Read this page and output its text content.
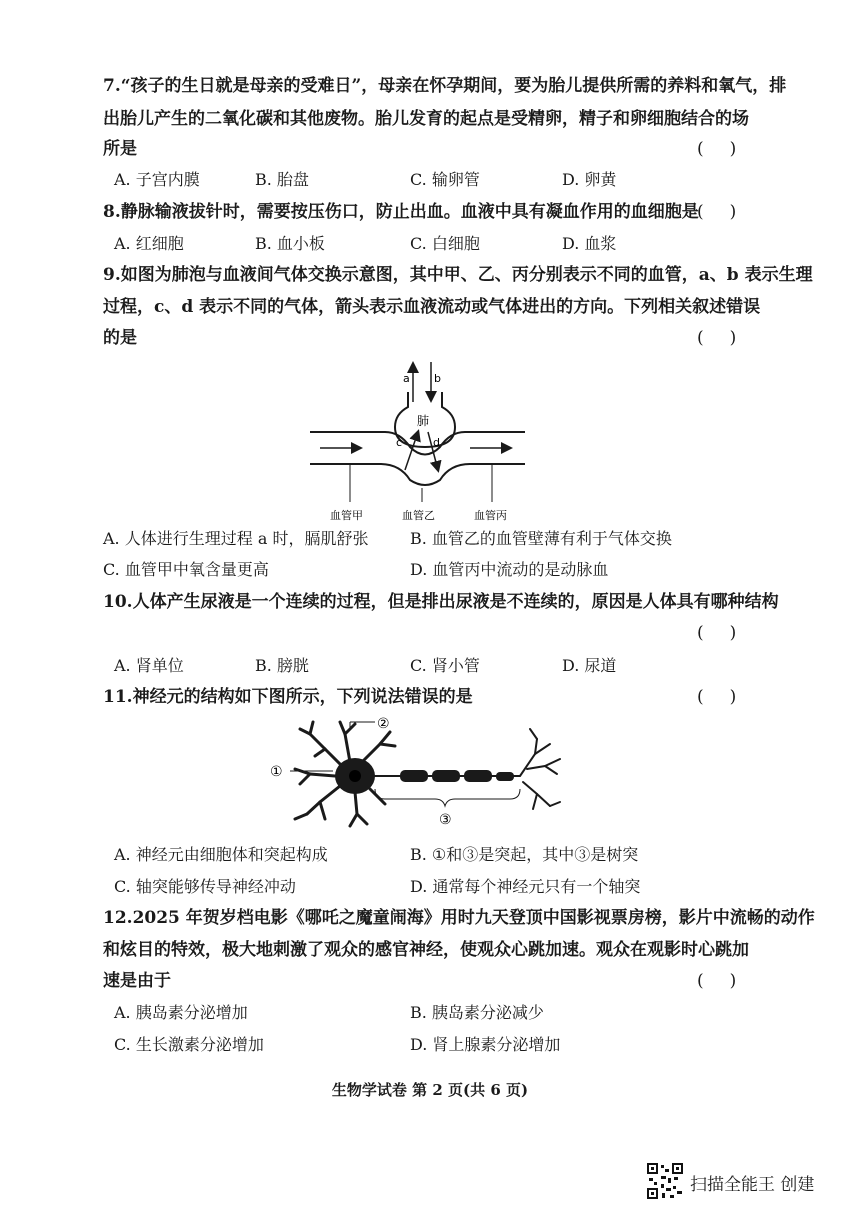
7.“孩子的生日就是母亲的受难日”，母亲在怀孕期间，要为胎儿提供所需的养料和氧气，排
出胎儿产生的二氧化碳和其他废物。胎儿发育的起点是受精卵，精子和卵细胞结合的场
所是	( )
A. 子宫内膜	B. 胎盘	C. 输卵管	D. 卵黄
8.静脉输液拔针时，需要按压伤口，防止出血。血液中具有凝血作用的血细胞是
( )
A. 红细胞	B. 血小板	C. 白细胞	D. 血浆
9.如图为肺泡与血液间气体交换示意图，其中甲、乙、丙分别表示不同的血管，a、b 表示生理
过程，c、d 表示不同的气体，箭头表示血液流动或气体进出的方向。下列相关叙述错误
的是	( )
a b
肺
c	d
血管甲	血管乙	血管丙
A. 人体进行生理过程 a 时，膈肌舒张	B. 血管乙的血管壁薄有利于气体交换
C. 血管甲中氧含量更高	D. 血管丙中流动的是动脉血
10.人体产生尿液是一个连续的过程，但是排出尿液是不连续的，原因是人体具有哪种结构
( )
A. 肾单位	B. 膀胱	C. 肾小管	D. 尿道
11.神经元的结构如下图所示，下列说法错误的是	( )
②
①
③
A. 神经元由细胞体和突起构成	B. ①和③是突起，其中③是树突
C. 轴突能够传导神经冲动	D. 通常每个神经元只有一个轴突
12.2025 年贺岁档电影《哪吒之魔童闹海》用时九天登顶中国影视票房榜，影片中流畅的动作
和炫目的特效，极大地刺激了观众的感官神经，使观众心跳加速。观众在观影时心跳加
速是由于	( )
A. 胰岛素分泌增加	B. 胰岛素分泌减少
C. 生长激素分泌增加	D. 肾上腺素分泌增加
生物学试卷 第 2 页(共 6 页)
扫描全能王 创建
